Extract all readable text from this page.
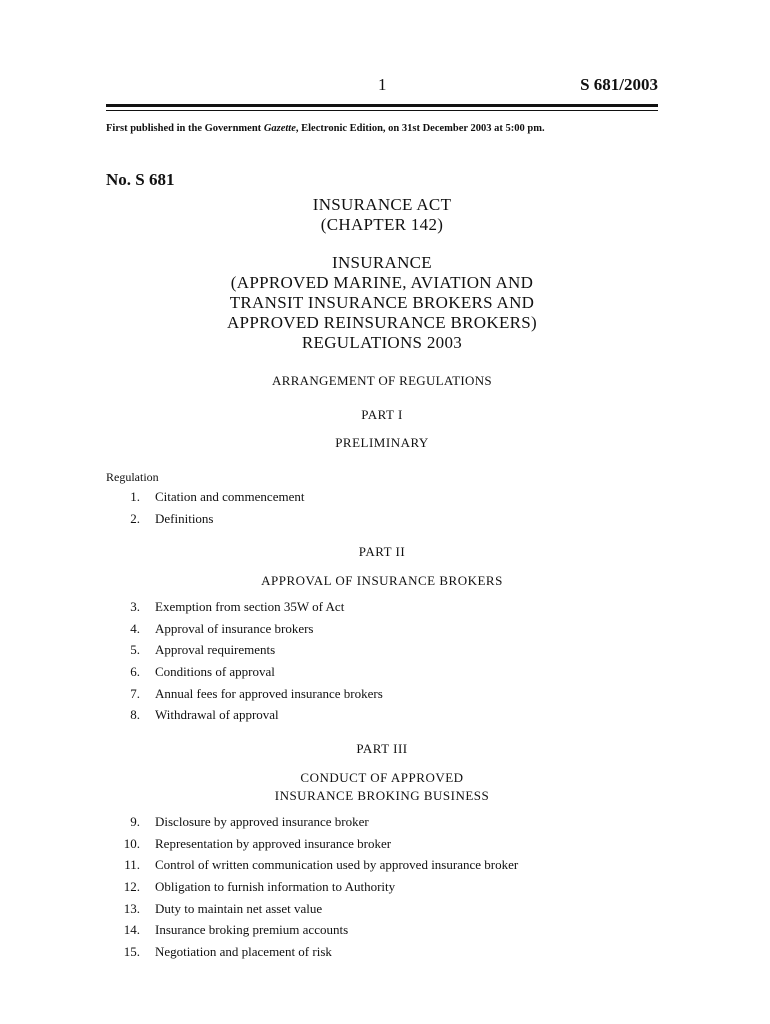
1	S 681/2003
First published in the Government Gazette, Electronic Edition, on 31st December 2003 at 5:00 pm.
No. S 681
INSURANCE ACT
(CHAPTER 142)
INSURANCE
(APPROVED MARINE, AVIATION AND
TRANSIT INSURANCE BROKERS AND
APPROVED REINSURANCE BROKERS)
REGULATIONS 2003
ARRANGEMENT OF REGULATIONS
PART I
PRELIMINARY
Regulation
1. Citation and commencement
2. Definitions
PART II
APPROVAL OF INSURANCE BROKERS
3. Exemption from section 35W of Act
4. Approval of insurance brokers
5. Approval requirements
6. Conditions of approval
7. Annual fees for approved insurance brokers
8. Withdrawal of approval
PART III
CONDUCT OF APPROVED
INSURANCE BROKING BUSINESS
9. Disclosure by approved insurance broker
10. Representation by approved insurance broker
11. Control of written communication used by approved insurance broker
12. Obligation to furnish information to Authority
13. Duty to maintain net asset value
14. Insurance broking premium accounts
15. Negotiation and placement of risk
